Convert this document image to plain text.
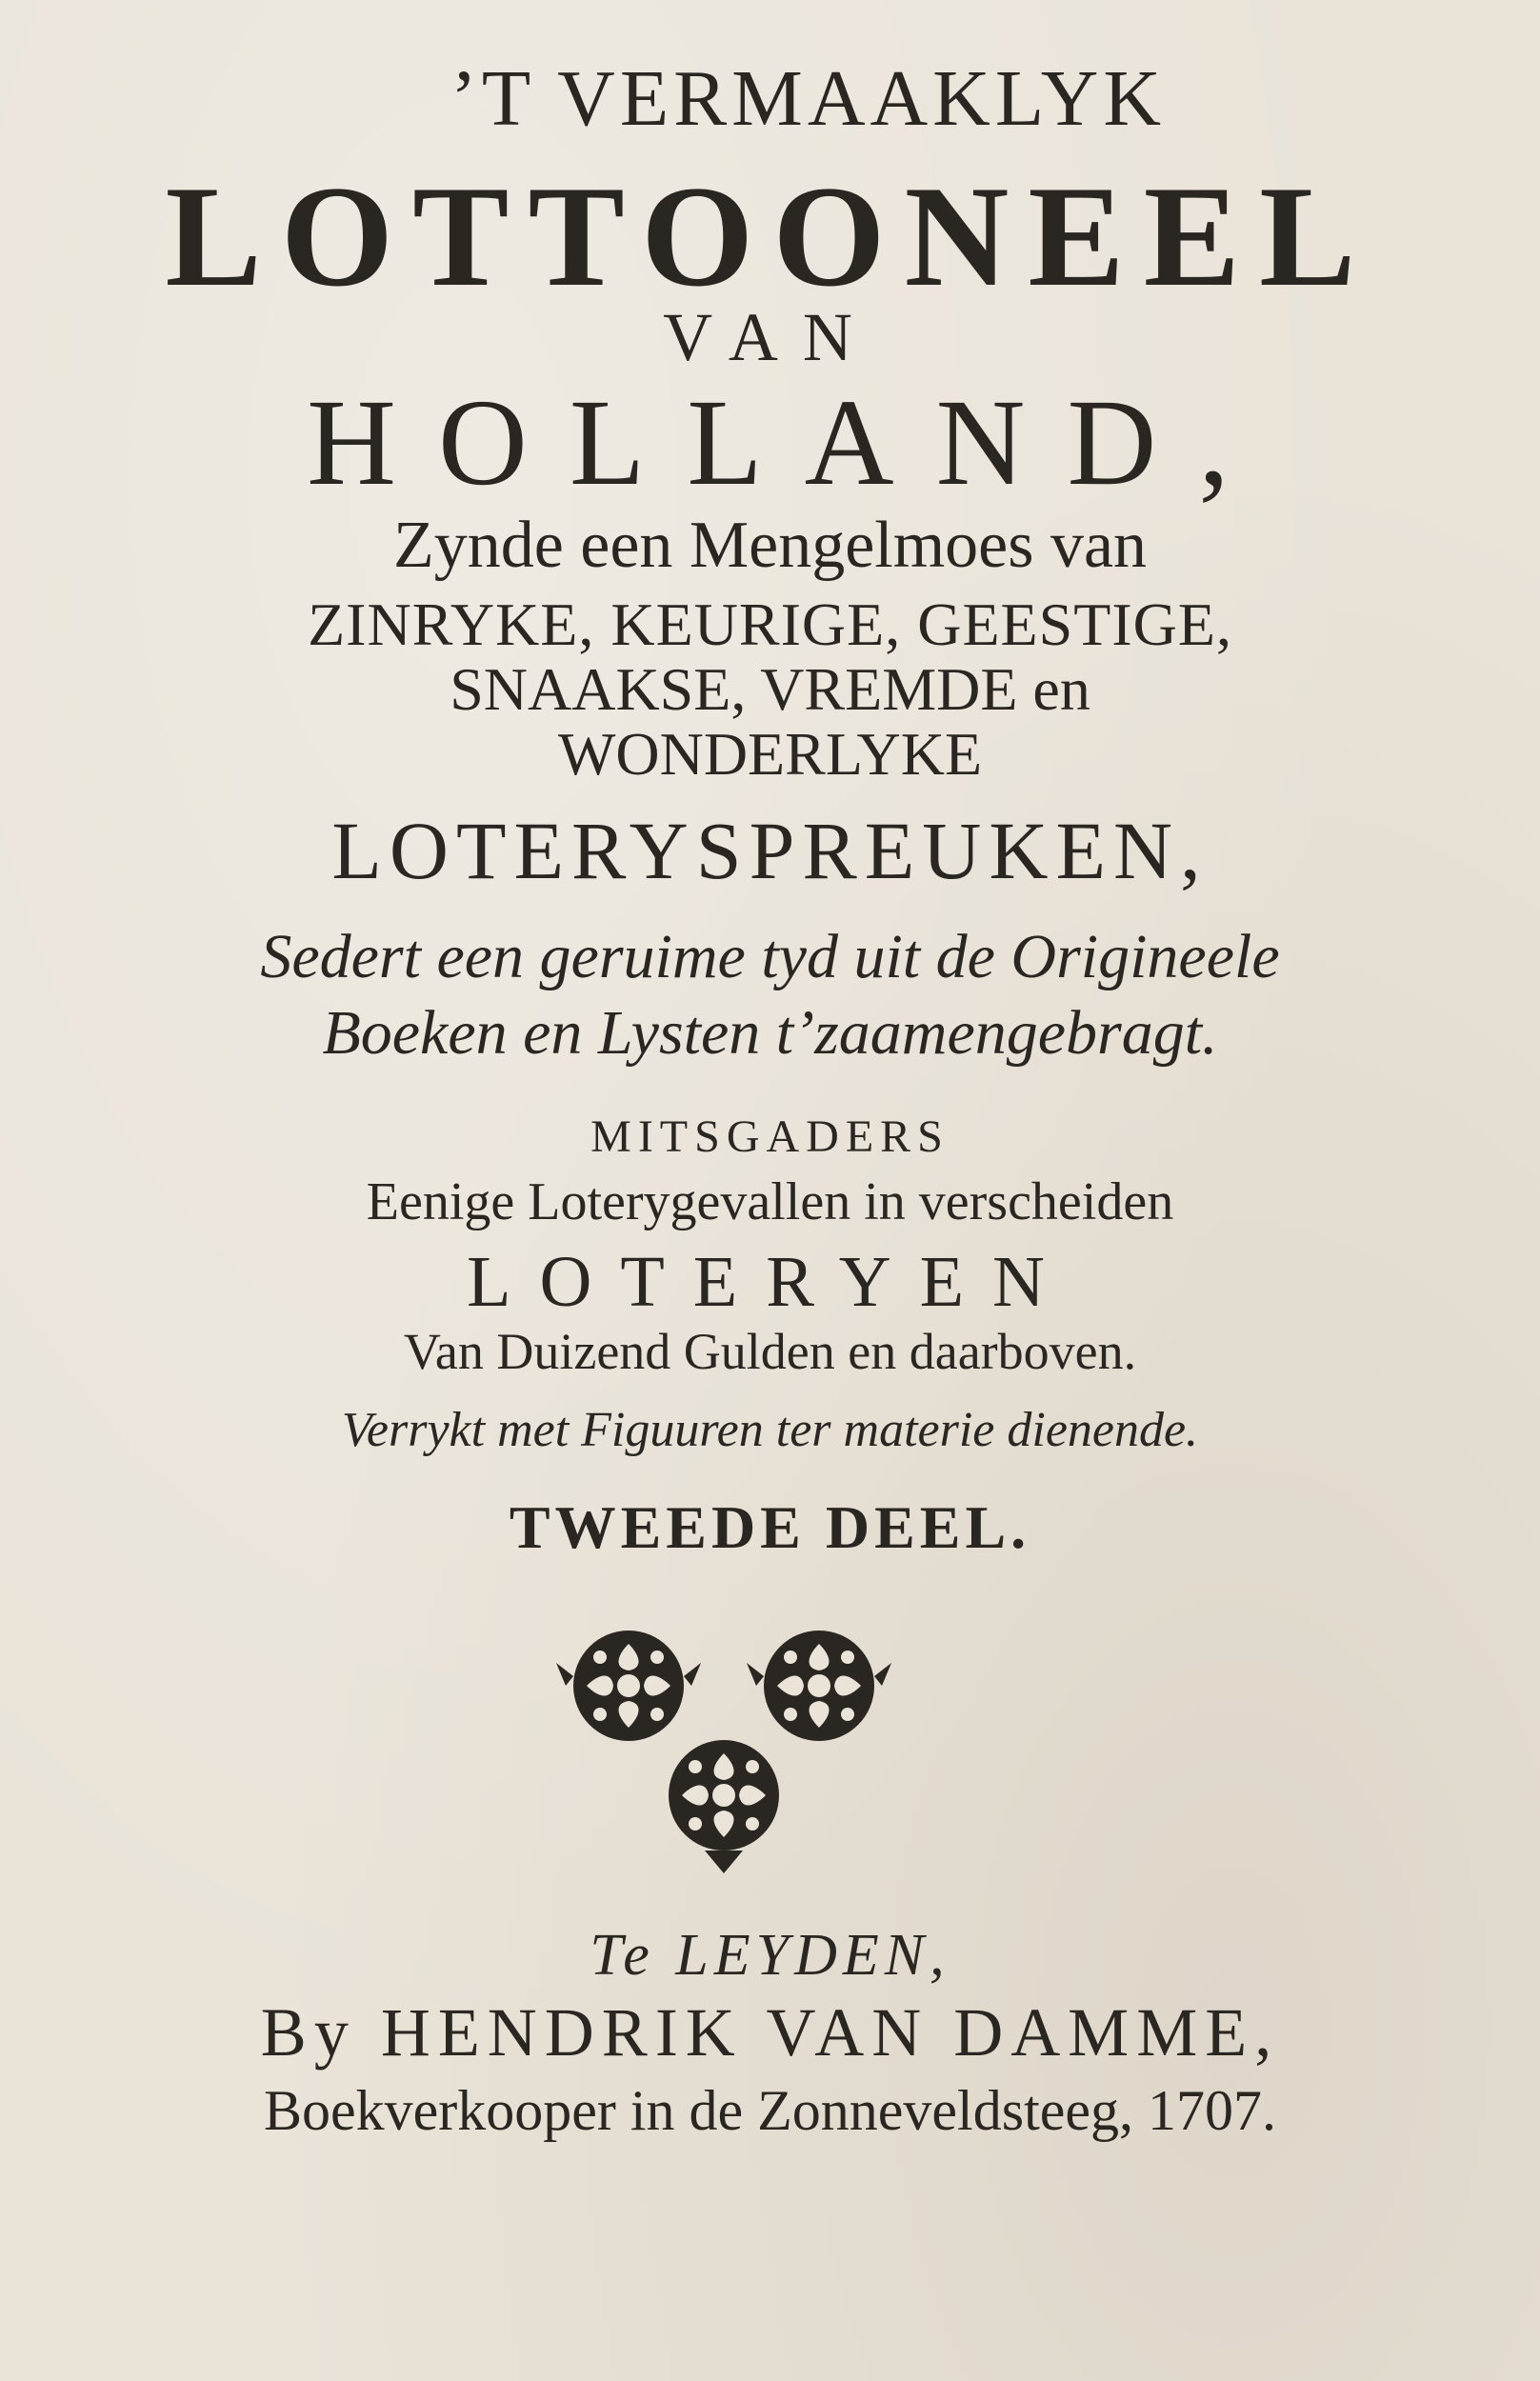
’T VERMAAKLYK
LOTTOONEEL
VAN
HOLLAND,
Zynde een Mengelmoes van
ZINRYKE, KEURIGE, GEESTIGE,
SNAAKSE, VREMDE en
WONDERLYKE
LOTERYSPREUKEN,
Sedert een geruime tyd uit de Origineele
Boeken en Lysten t’zaamengebragt.
MITSGADERS
Eenige Loterygevallen in verscheiden
LOTERYEN
Van Duizend Gulden en daarboven.
Verrykt met Figuuren ter materie dienende.
TWEEDE DEEL.
Te LEYDEN,
By HENDRIK VAN DAMME,
Boekverkooper in de Zonneveldsteeg, 1707.
